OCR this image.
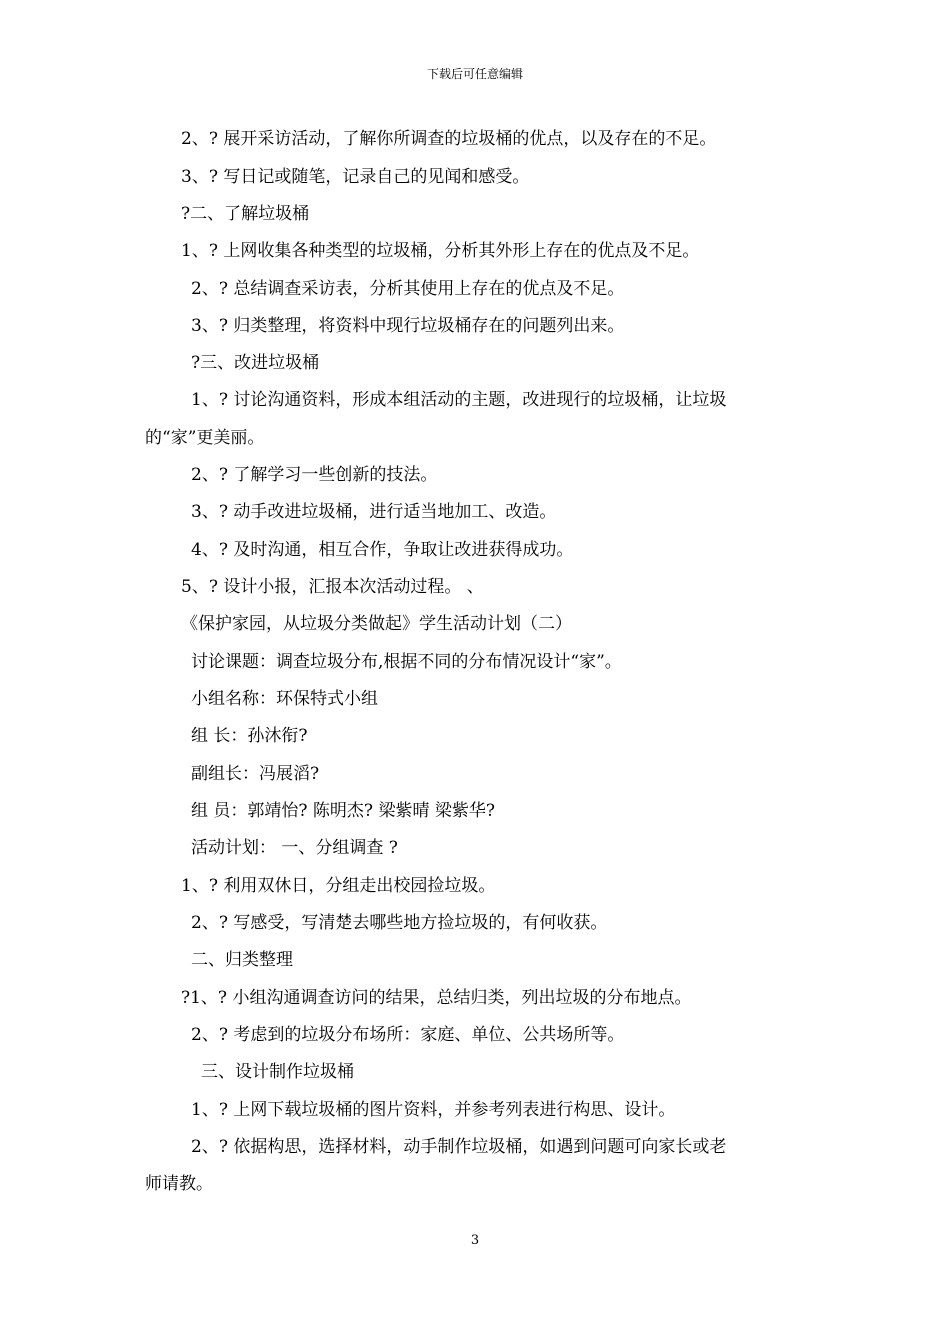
下载后可任意编辑
2、? 展开采访活动，了解你所调查的垃圾桶的优点，以及存在的不足。
3、? 写日记或随笔，记录自己的见闻和感受。
?二、了解垃圾桶
1、? 上网收集各种类型的垃圾桶，分析其外形上存在的优点及不足。
2、? 总结调查采访表，分析其使用上存在的优点及不足。
3、? 归类整理，将资料中现行垃圾桶存在的问题列出来。
?三、改进垃圾桶
1、? 讨论沟通资料，形成本组活动的主题，改进现行的垃圾桶，让垃圾
的“家”更美丽。
2、? 了解学习一些创新的技法。
3、? 动手改进垃圾桶，进行适当地加工、改造。
4、? 及时沟通，相互合作，争取让改进获得成功。
5、? 设计小报，汇报本次活动过程。 、
《保护家园，从垃圾分类做起》学生活动计划（二）
讨论课题：调查垃圾分布,根据不同的分布情况设计“家”。
小组名称：环保特式小组
组 长：孙沐衔?
副组长：冯展滔?
组 员：郭靖怡? 陈明杰? 梁紫晴 梁紫华?
活动计划： 一、分组调查 ?
1、? 利用双休日，分组走出校园捡垃圾。
2、? 写感受，写清楚去哪些地方捡垃圾的，有何收获。
二、归类整理
?1、? 小组沟通调查访问的结果，总结归类，列出垃圾的分布地点。
2、? 考虑到的垃圾分布场所：家庭、单位、公共场所等。
三、设计制作垃圾桶
1、? 上网下载垃圾桶的图片资料，并参考列表进行构思、设计。
2、? 依据构思，选择材料，动手制作垃圾桶，如遇到问题可向家长或老
师请教。
3
